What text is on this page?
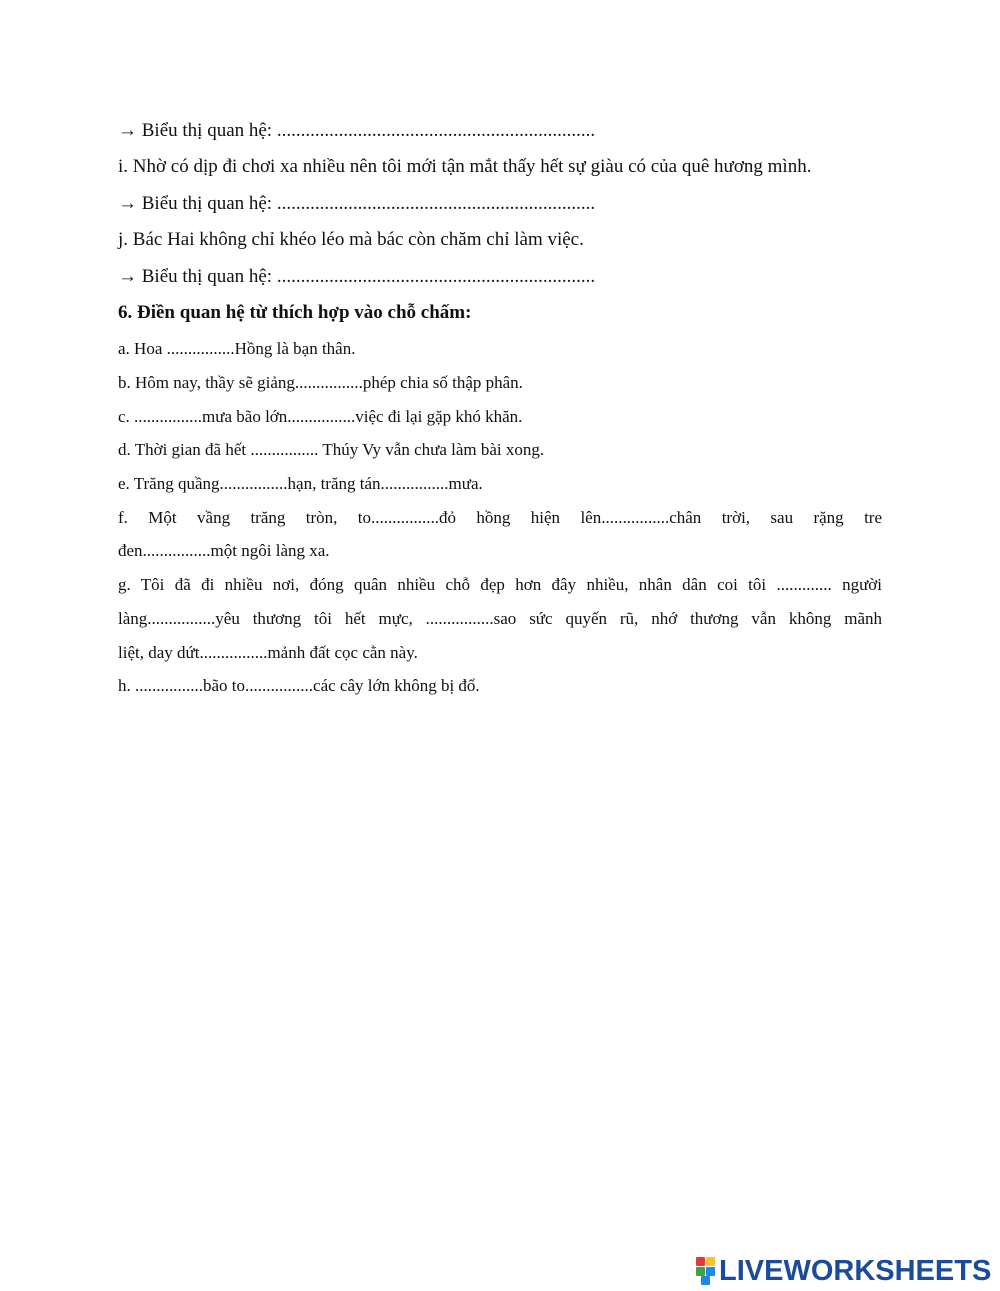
→ Biểu thị quan hệ: ...................................................................
i. Nhờ có dịp đi chơi xa nhiều nên tôi mới tận mắt thấy hết sự giàu có của quê hương mình.
→ Biểu thị quan hệ: ...................................................................
j. Bác Hai không chỉ khéo léo mà bác còn chăm chỉ làm việc.
→ Biểu thị quan hệ: ...................................................................
6. Điền quan hệ từ thích hợp vào chỗ chấm:
a. Hoa ................Hồng là bạn thân.
b. Hôm nay, thầy sẽ giảng................phép chia số thập phân.
c. ................mưa bão lớn................việc đi lại gặp khó khăn.
d. Thời gian đã hết ................ Thúy Vy vẫn chưa làm bài xong.
e. Trăng quầng................hạn, trăng tán................mưa.
f. Một vầng trăng tròn, to................đỏ hồng hiện lên................chân trời, sau rặng tre
đen................một ngôi làng xa.
g. Tôi đã đi nhiều nơi, đóng quân nhiều chỗ đẹp hơn đây nhiều, nhân dân coi tôi ............. người
làng................yêu thương tôi hết mực, ................sao sức quyến rũ, nhớ thương vẫn không mãnh
liệt, day dứt................mảnh đất cọc cằn này.
h. ................bão to................các cây lớn không bị đổ.
LIVEWORKSHEETS
